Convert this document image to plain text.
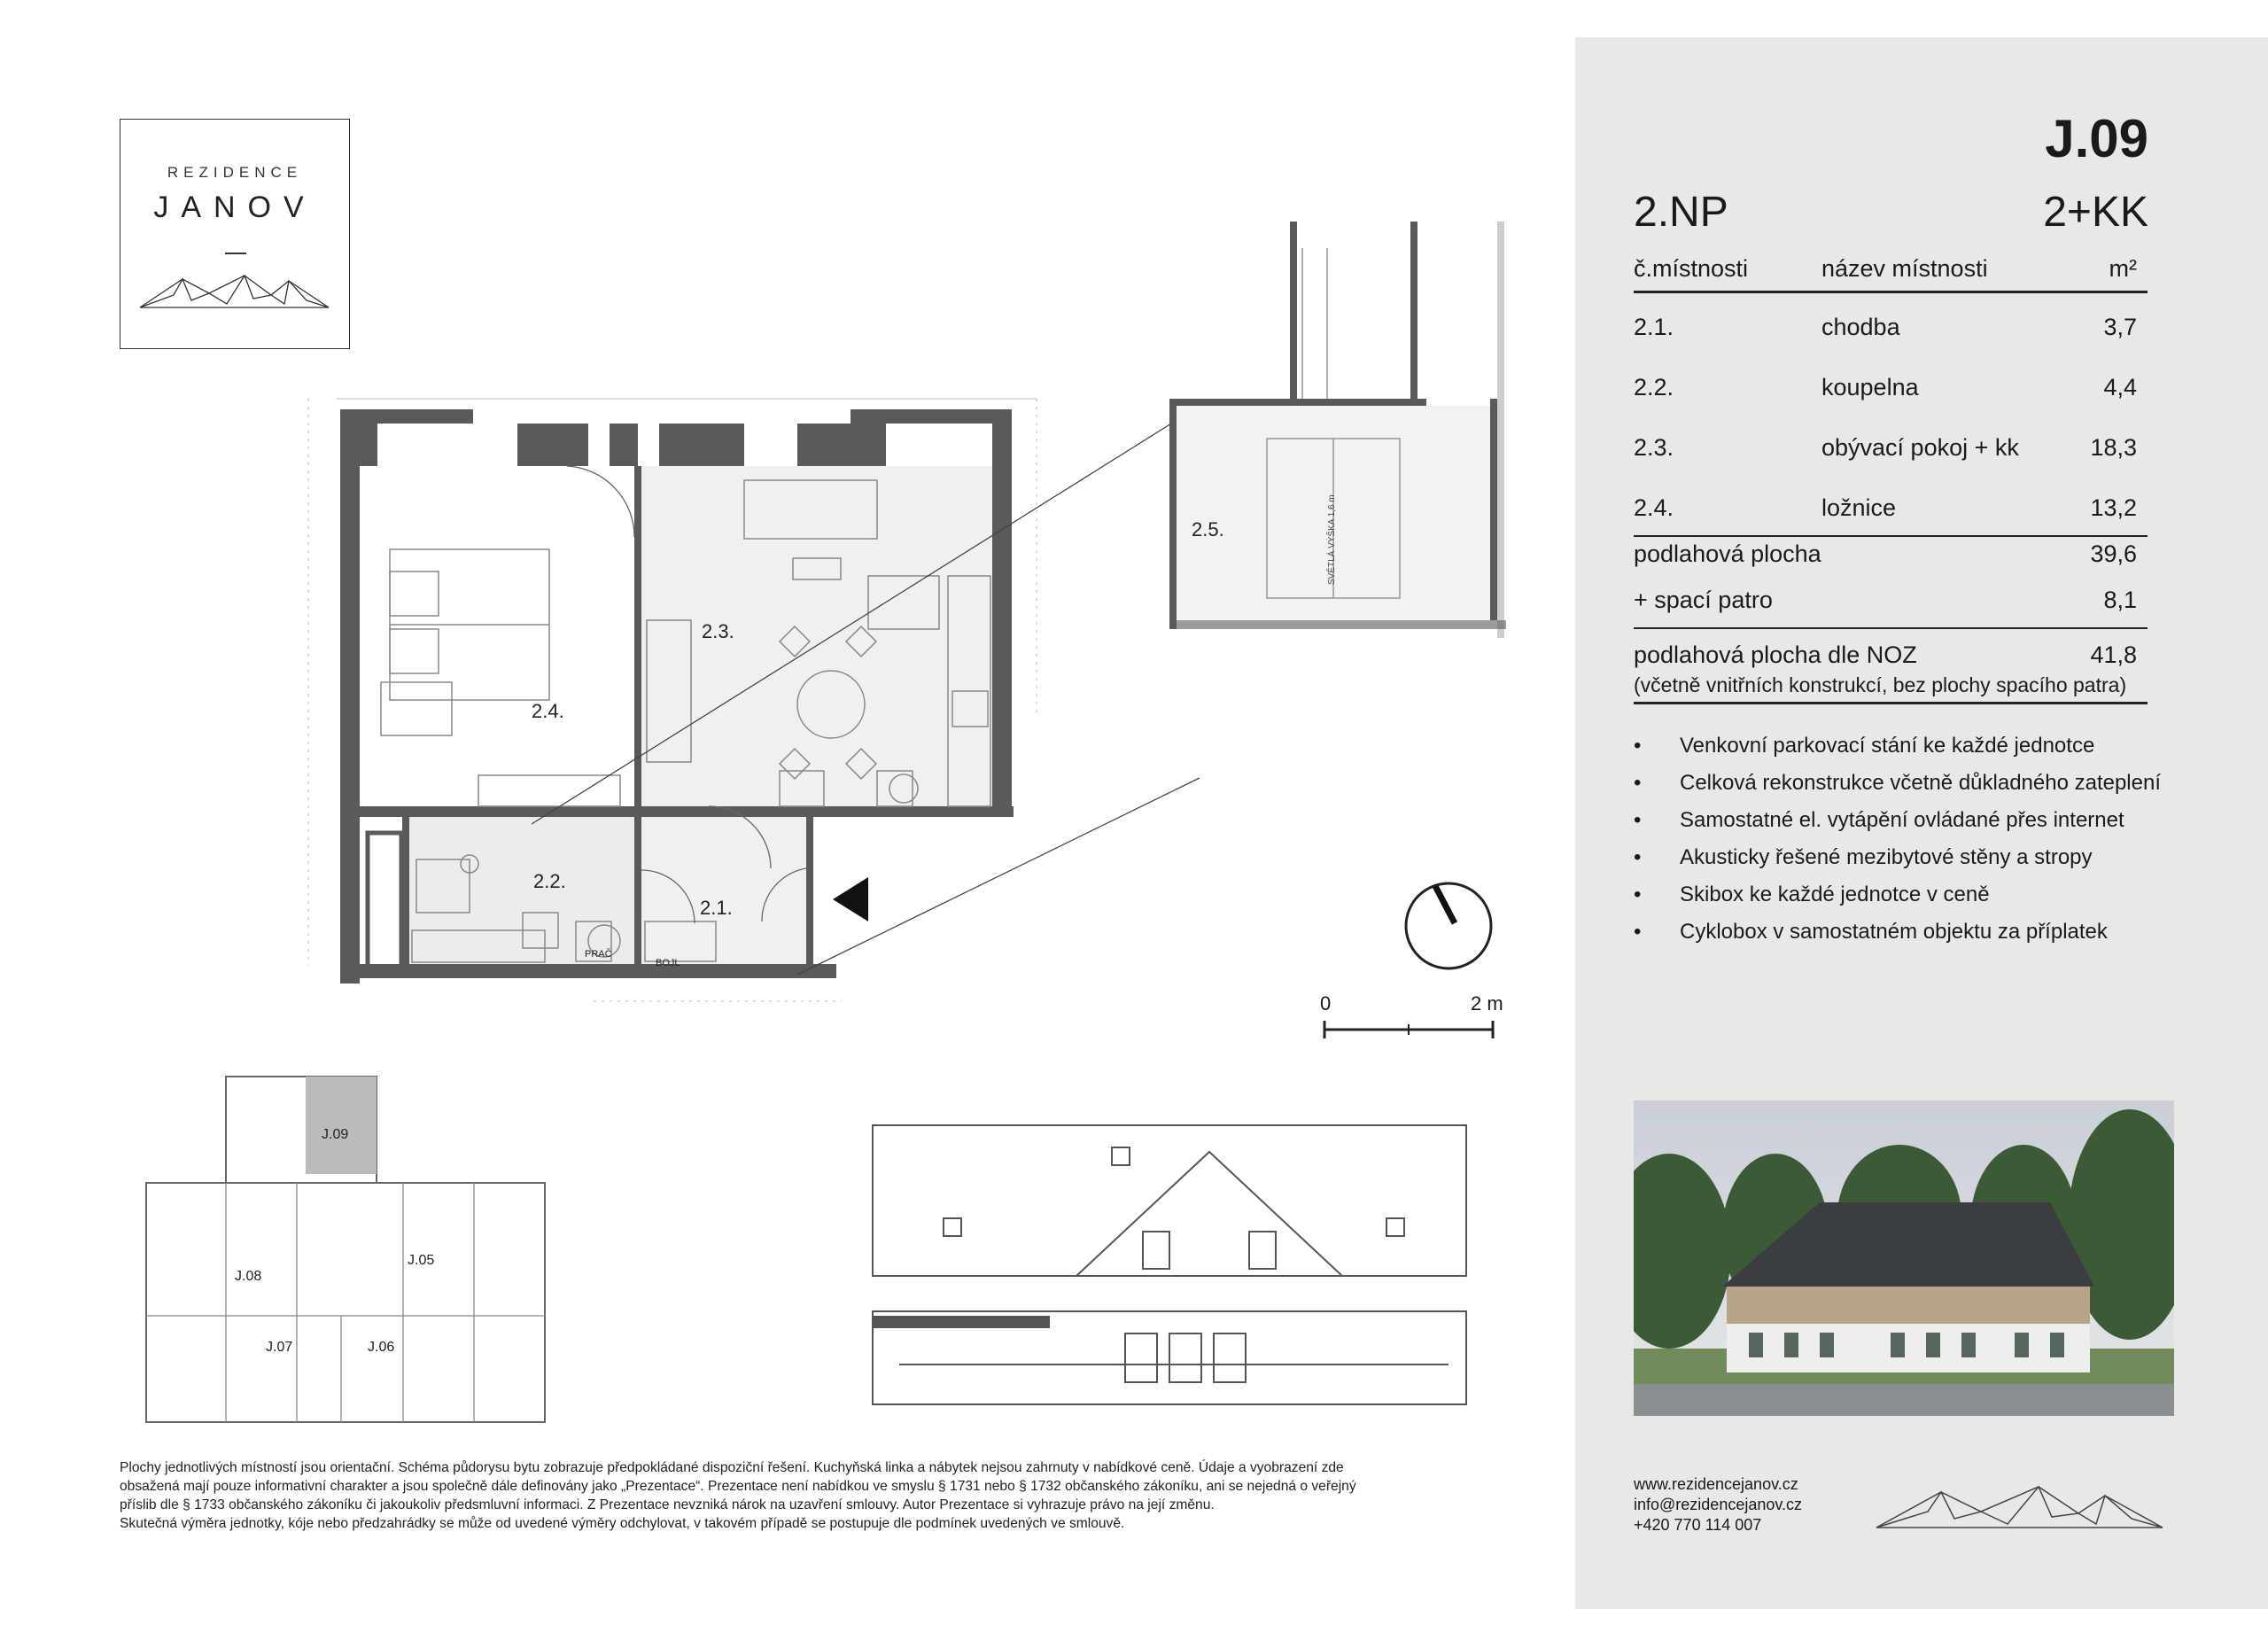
REZIDENCE
JANOV
2.4.
2.3.
2.2.
2.1.
PRAČ
BOJL
2.5.	SVĚTLÁ VÝŠKA 1,6 m
0	2 m
J.09
J.08
J.05
J.07	J.06
J.09
2.NP	2+KK
č.místnosti	název místnosti	m²
2.1.	chodba	3,7
2.2.	koupelna	4,4
2.3.	obývací pokoj + kk	18,3
2.4.	ložnice	13,2
podlahová plocha	39,6
+ spací patro	8,1
podlahová plocha dle NOZ	41,8
(včetně vnitřních konstrukcí, bez plochy spacího patra)
• Venkovní parkovací stání ke každé jednotce
• Celková rekonstrukce včetně důkladného zateplení
• Samostatné el. vytápění ovládané přes internet
• Akusticky řešené mezibytové stěny a stropy
• Skibox ke každé jednotce v ceně
• Cyklobox v samostatném objektu za příplatek
www.rezidencejanov.cz
info@rezidencejanov.cz
+420 770 114 007
Plochy jednotlivých místností jsou orientační. Schéma půdorysu bytu zobrazuje předpokládané dispoziční řešení. Kuchyňská linka a nábytek nejsou zahrnuty v nabídkové ceně. Údaje a vyobrazení zde
obsažená mají pouze informativní charakter a jsou společně dále definovány jako „Prezentace“. Prezentace není nabídkou ve smyslu § 1731 nebo § 1732 občanského zákoníku, ani se nejedná o veřejný
příslib dle § 1733 občanského zákoníku či jakoukoliv předsmluvní informaci. Z Prezentace nevzniká nárok na uzavření smlouvy. Autor Prezentace si vyhrazuje právo na její změnu.
Skutečná výměra jednotky, kóje nebo předzahrádky se může od uvedené výměry odchylovat, v takovém případě se postupuje dle podmínek uvedených ve smlouvě.
